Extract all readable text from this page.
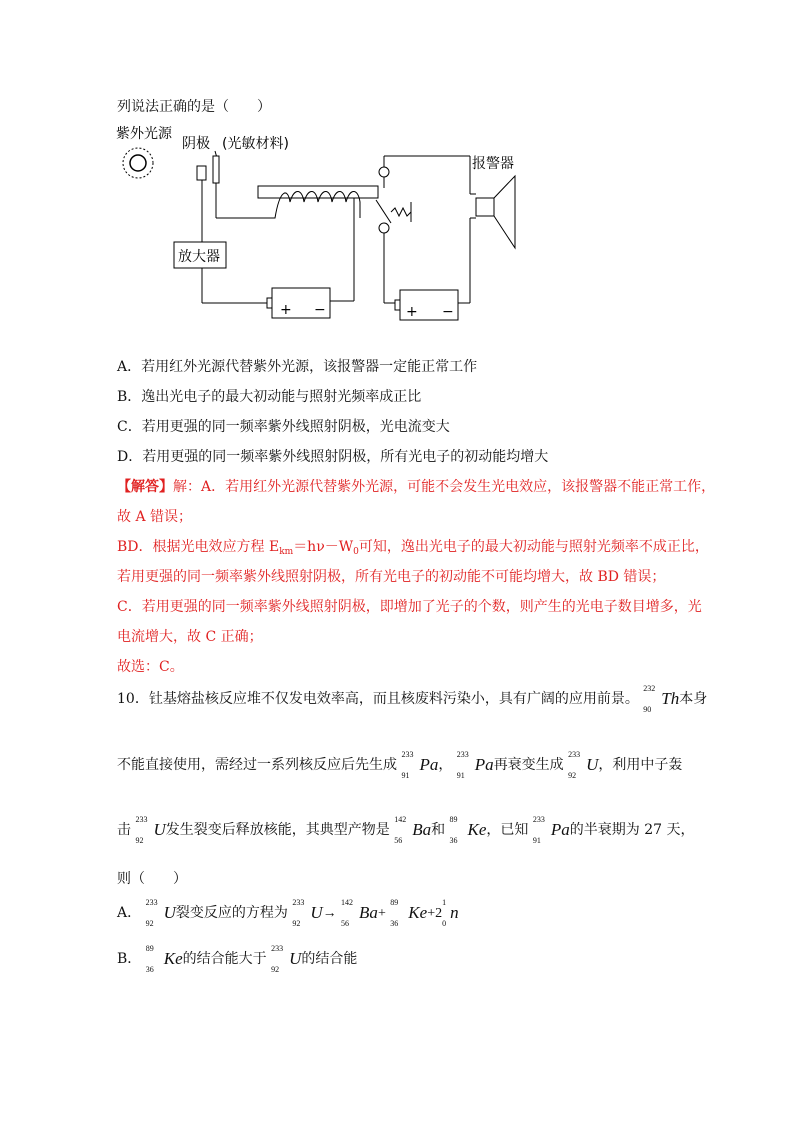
列说法正确的是（　　）
紫外光源
阴极 (光敏材料)
放大器
+ −	+ −
报警器
A．若用红外光源代替紫外光源，该报警器一定能正常工作
B．逸出光电子的最大初动能与照射光频率成正比
C．若用更强的同一频率紫外线照射阴极，光电流变大
D．若用更强的同一频率紫外线照射阴极，所有光电子的初动能均增大
【解答】解：A．若用红外光源代替紫外光源，可能不会发生光电效应，该报警器不能正常工作，
故 A 错误；
BD．根据光电效应方程 $E_{km}=h\nu-W_0$可知，逸出光电子的最大初动能与照射光频率不成正比，
若用更强的同一频率紫外线照射阴极，所有光电子的初动能不可能均增大，故 BD 错误；
C．若用更强的同一频率紫外线照射阴极，即增加了光子的个数，则产生的光电子数目增多，光
电流增大，故 C 正确；
故选：C。
10．钍基熔盐核反应堆不仅发电效率高，而且核废料污染小，具有广阔的应用前景。
232
90
Th本身
不能直接使用，需经过一系列核反应后先生成
233
91
Pa，
233
91
Pa再衰变生成
233
92
U，利用中子轰
击
233
92
U发生裂变后释放核能，其典型产物是
142
56
Ba和
89
36
Ke，已知
233
91
Pa的半衰期为 27 天，
则（　　）
A．
233
92
U裂变反应的方程为
233
92
U→
142
56
Ba+
89
36
Ke+2
1
0
n
B．
89
36
Ke的结合能大于
233
92
U的结合能
